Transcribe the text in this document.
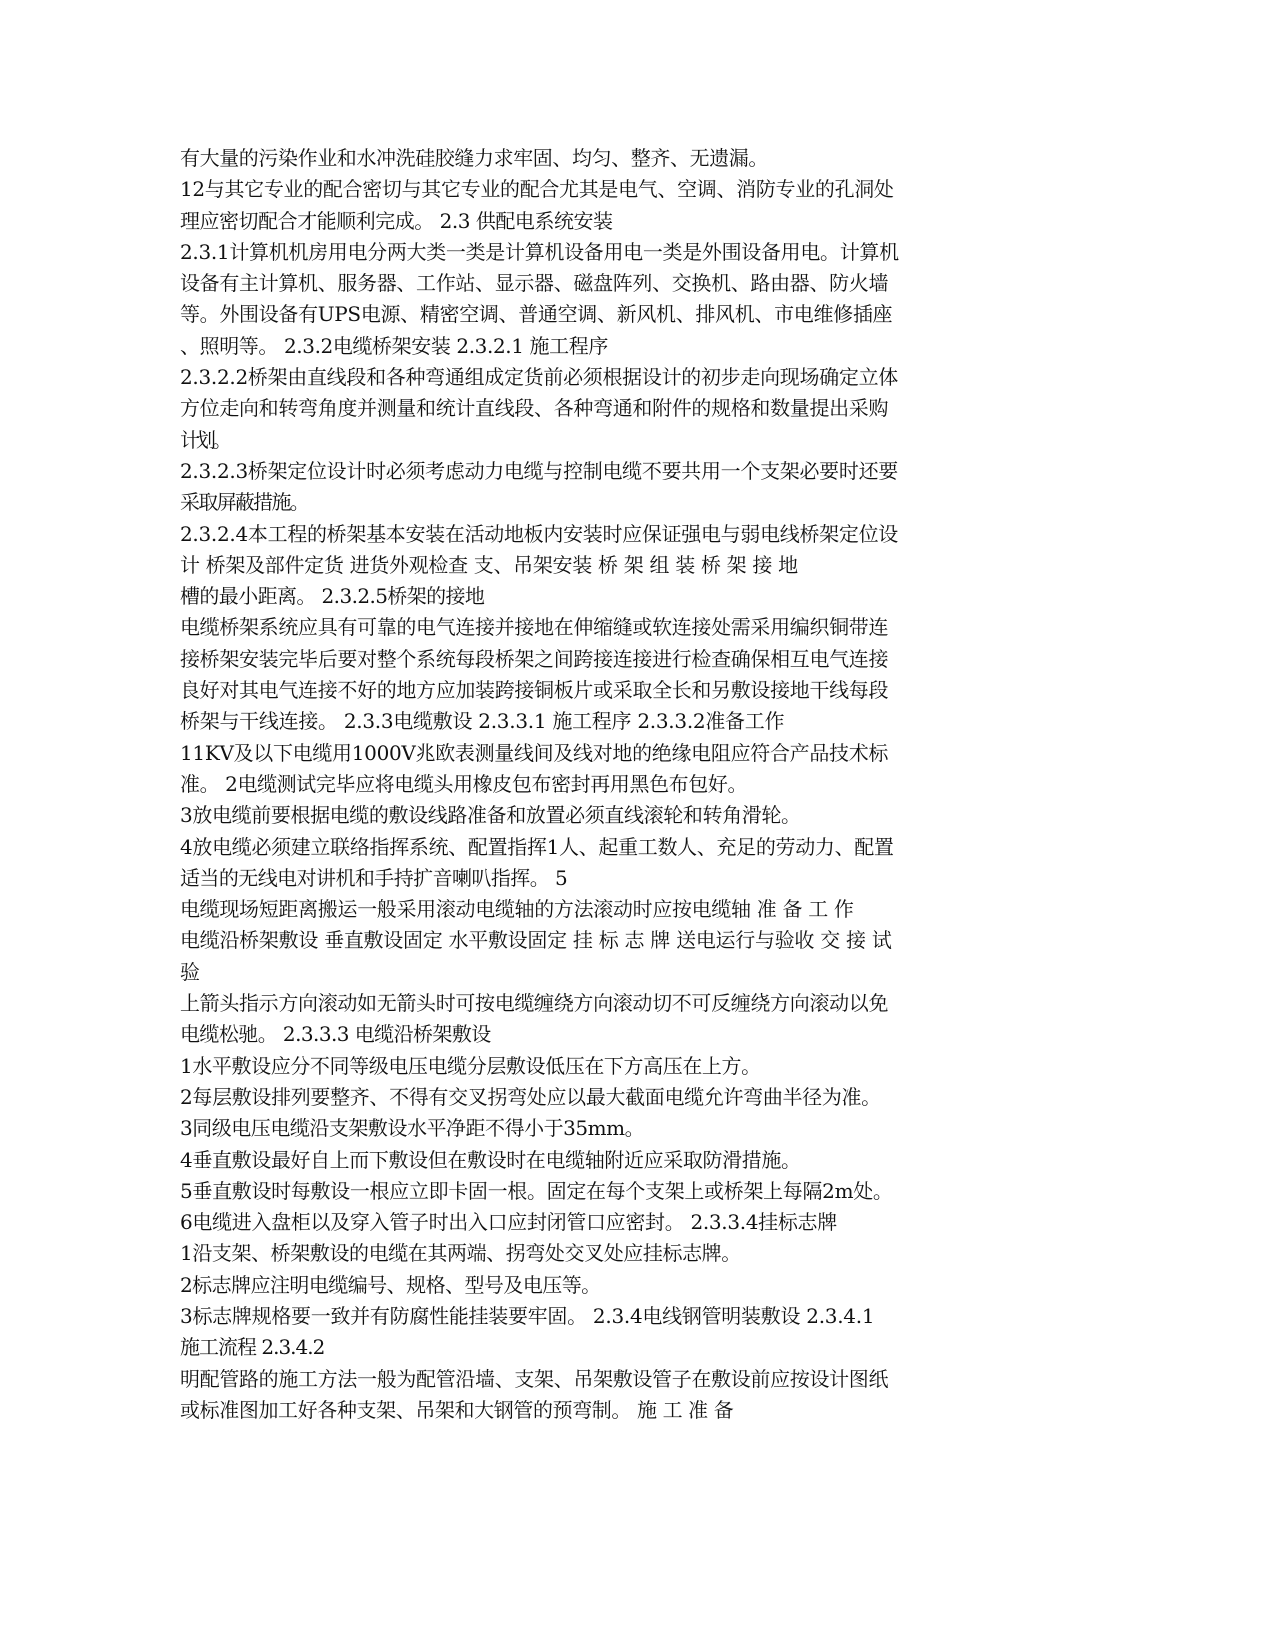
有大量的污染作业和水冲洗硅胶缝力求牢固、均匀、整齐、无遗漏。
12与其它专业的配合密切与其它专业的配合尤其是电气、空调、消防专业的孔洞处
理应密切配合才能顺利完成。 2.3 供配电系统安装
2.3.1计算机机房用电分两大类一类是计算机设备用电一类是外围设备用电。计算机
设备有主计算机、服务器、工作站、显示器、磁盘阵列、交换机、路由器、防火墙
等。外围设备有UPS电源、精密空调、普通空调、新风机、排风机、市电维修插座
、照明等。 2.3.2电缆桥架安装 2.3.2.1 施工程序
2.3.2.2桥架由直线段和各种弯通组成定货前必须根据设计的初步走向现场确定立体
方位走向和转弯角度并测量和统计直线段、各种弯通和附件的规格和数量提出采购
计划。
2.3.2.3桥架定位设计时必须考虑动力电缆与控制电缆不要共用一个支架必要时还要
采取屏蔽措施。
2.3.2.4本工程的桥架基本安装在活动地板内安装时应保证强电与弱电线桥架定位设
计 桥架及部件定货 进货外观检查 支、吊架安装 桥 架 组 装 桥 架 接 地
槽的最小距离。 2.3.2.5桥架的接地
电缆桥架系统应具有可靠的电气连接并接地在伸缩缝或软连接处需采用编织铜带连
接桥架安装完毕后要对整个系统每段桥架之间跨接连接进行检查确保相互电气连接
良好对其电气连接不好的地方应加装跨接铜板片或采取全长和另敷设接地干线每段
桥架与干线连接。 2.3.3电缆敷设 2.3.3.1 施工程序 2.3.3.2准备工作
11KV及以下电缆用1000V兆欧表测量线间及线对地的绝缘电阻应符合产品技术标
准。 2电缆测试完毕应将电缆头用橡皮包布密封再用黑色布包好。
3放电缆前要根据电缆的敷设线路准备和放置必须直线滚轮和转角滑轮。
4放电缆必须建立联络指挥系统、配置指挥1人、起重工数人、充足的劳动力、配置
适当的无线电对讲机和手持扩音喇叭指挥。 5
电缆现场短距离搬运一般采用滚动电缆轴的方法滚动时应按电缆轴 准 备 工 作
电缆沿桥架敷设 垂直敷设固定 水平敷设固定 挂 标 志 牌 送电运行与验收 交 接 试
验
上箭头指示方向滚动如无箭头时可按电缆缠绕方向滚动切不可反缠绕方向滚动以免
电缆松驰。 2.3.3.3 电缆沿桥架敷设
1水平敷设应分不同等级电压电缆分层敷设低压在下方高压在上方。
2每层敷设排列要整齐、不得有交叉拐弯处应以最大截面电缆允许弯曲半径为准。
3同级电压电缆沿支架敷设水平净距不得小于35mm。
4垂直敷设最好自上而下敷设但在敷设时在电缆轴附近应采取防滑措施。
5垂直敷设时每敷设一根应立即卡固一根。固定在每个支架上或桥架上每隔2m处。
6电缆进入盘柜以及穿入管子时出入口应封闭管口应密封。 2.3.3.4挂标志牌
1沿支架、桥架敷设的电缆在其两端、拐弯处交叉处应挂标志牌。
2标志牌应注明电缆编号、规格、型号及电压等。
3标志牌规格要一致并有防腐性能挂装要牢固。 2.3.4电线钢管明装敷设 2.3.4.1
施工流程 2.3.4.2
明配管路的施工方法一般为配管沿墙、支架、吊架敷设管子在敷设前应按设计图纸
或标准图加工好各种支架、吊架和大钢管的预弯制。 施 工 准 备
